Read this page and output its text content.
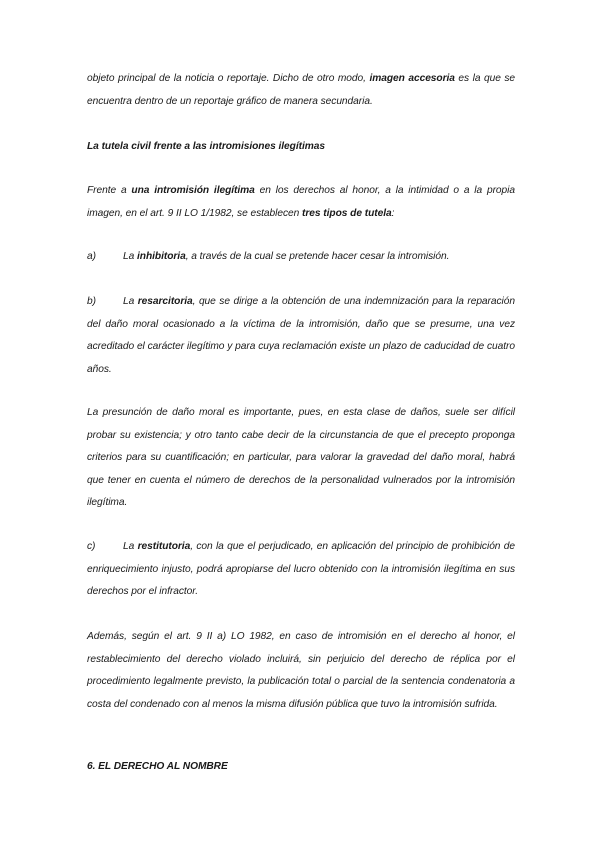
objeto principal de la noticia o reportaje. Dicho de otro modo, imagen accesoria es la que se encuentra dentro de un reportaje gráfico de manera secundaria.

La tutela civil frente a las intromisiones ilegítimas

Frente a una intromisión ilegítima en los derechos al honor, a la intimidad o a la propia imagen, en el art. 9 II LO 1/1982, se establecen tres tipos de tutela:

a)	La inhibitoria, a través de la cual se pretende hacer cesar la intromisión.

b)	La resarcitoria, que se dirige a la obtención de una indemnización para la reparación del daño moral ocasionado a la víctima de la intromisión, daño que se presume, una vez acreditado el carácter ilegítimo y para cuya reclamación existe un plazo de caducidad de cuatro años.

La presunción de daño moral es importante, pues, en esta clase de daños, suele ser difícil probar su existencia; y otro tanto cabe decir de la circunstancia de que el precepto proponga criterios para su cuantificación; en particular, para valorar la gravedad del daño moral, habrá que tener en cuenta el número de derechos de la personalidad vulnerados por la intromisión ilegítima.

c)	La restitutoria, con la que el perjudicado, en aplicación del principio de prohibición de enriquecimiento injusto, podrá apropiarse del lucro obtenido con la intromisión ilegítima en sus derechos por el infractor.

Además, según el art. 9 II a) LO 1982, en caso de intromisión en el derecho al honor, el restablecimiento del derecho violado incluirá, sin perjuicio del derecho de réplica por el procedimiento legalmente previsto, la publicación total o parcial de la sentencia condenatoria a costa del condenado con al menos la misma difusión pública que tuvo la intromisión sufrida.

6. EL DERECHO AL NOMBRE
